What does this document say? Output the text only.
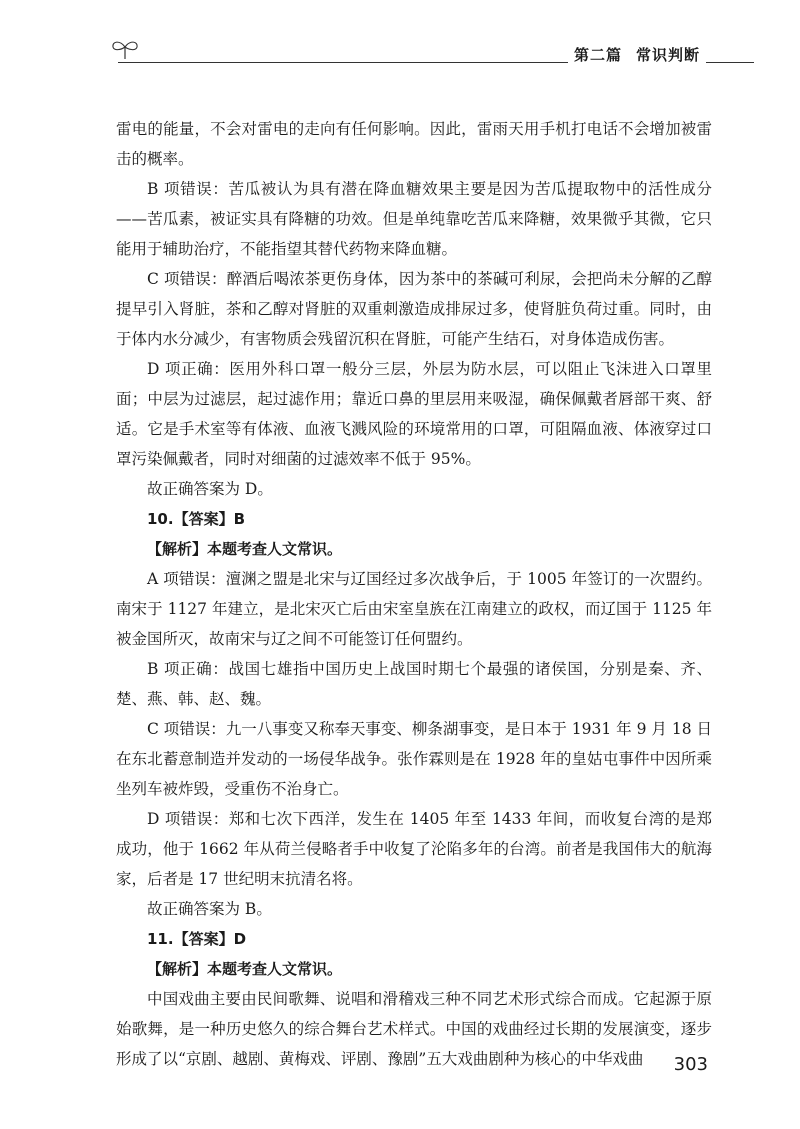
第二篇 常识判断

雷电的能量，不会对雷电的走向有任何影响。因此，雷雨天用手机打电话不会增加被雷击的概率。

B 项错误：苦瓜被认为具有潜在降血糖效果主要是因为苦瓜提取物中的活性成分——苦瓜素，被证实具有降糖的功效。但是单纯靠吃苦瓜来降糖，效果微乎其微，它只能用于辅助治疗，不能指望其替代药物来降血糖。

C 项错误：醉酒后喝浓茶更伤身体，因为茶中的茶碱可利尿，会把尚未分解的乙醇提早引入肾脏，茶和乙醇对肾脏的双重刺激造成排尿过多，使肾脏负荷过重。同时，由于体内水分减少，有害物质会残留沉积在肾脏，可能产生结石，对身体造成伤害。

D 项正确：医用外科口罩一般分三层，外层为防水层，可以阻止飞沫进入口罩里面；中层为过滤层，起过滤作用；靠近口鼻的里层用来吸湿，确保佩戴者唇部干爽、舒适。它是手术室等有体液、血液飞溅风险的环境常用的口罩，可阻隔血液、体液穿过口罩污染佩戴者，同时对细菌的过滤效率不低于 95%。

故正确答案为 D。

10.【答案】B

【解析】本题考查人文常识。

A 项错误：澶渊之盟是北宋与辽国经过多次战争后，于 1005 年签订的一次盟约。南宋于 1127 年建立，是北宋灭亡后由宋室皇族在江南建立的政权，而辽国于 1125 年被金国所灭，故南宋与辽之间不可能签订任何盟约。

B 项正确：战国七雄指中国历史上战国时期七个最强的诸侯国，分别是秦、齐、楚、燕、韩、赵、魏。

C 项错误：九一八事变又称奉天事变、柳条湖事变，是日本于 1931 年 9 月 18 日在东北蓄意制造并发动的一场侵华战争。张作霖则是在 1928 年的皇姑屯事件中因所乘坐列车被炸毁，受重伤不治身亡。

D 项错误：郑和七次下西洋，发生在 1405 年至 1433 年间，而收复台湾的是郑成功，他于 1662 年从荷兰侵略者手中收复了沦陷多年的台湾。前者是我国伟大的航海家，后者是 17 世纪明末抗清名将。

故正确答案为 B。

11.【答案】D

【解析】本题考查人文常识。

中国戏曲主要由民间歌舞、说唱和滑稽戏三种不同艺术形式综合而成。它起源于原始歌舞，是一种历史悠久的综合舞台艺术样式。中国的戏曲经过长期的发展演变，逐步形成了以“京剧、越剧、黄梅戏、评剧、豫剧”五大戏曲剧种为核心的中华戏曲	303
